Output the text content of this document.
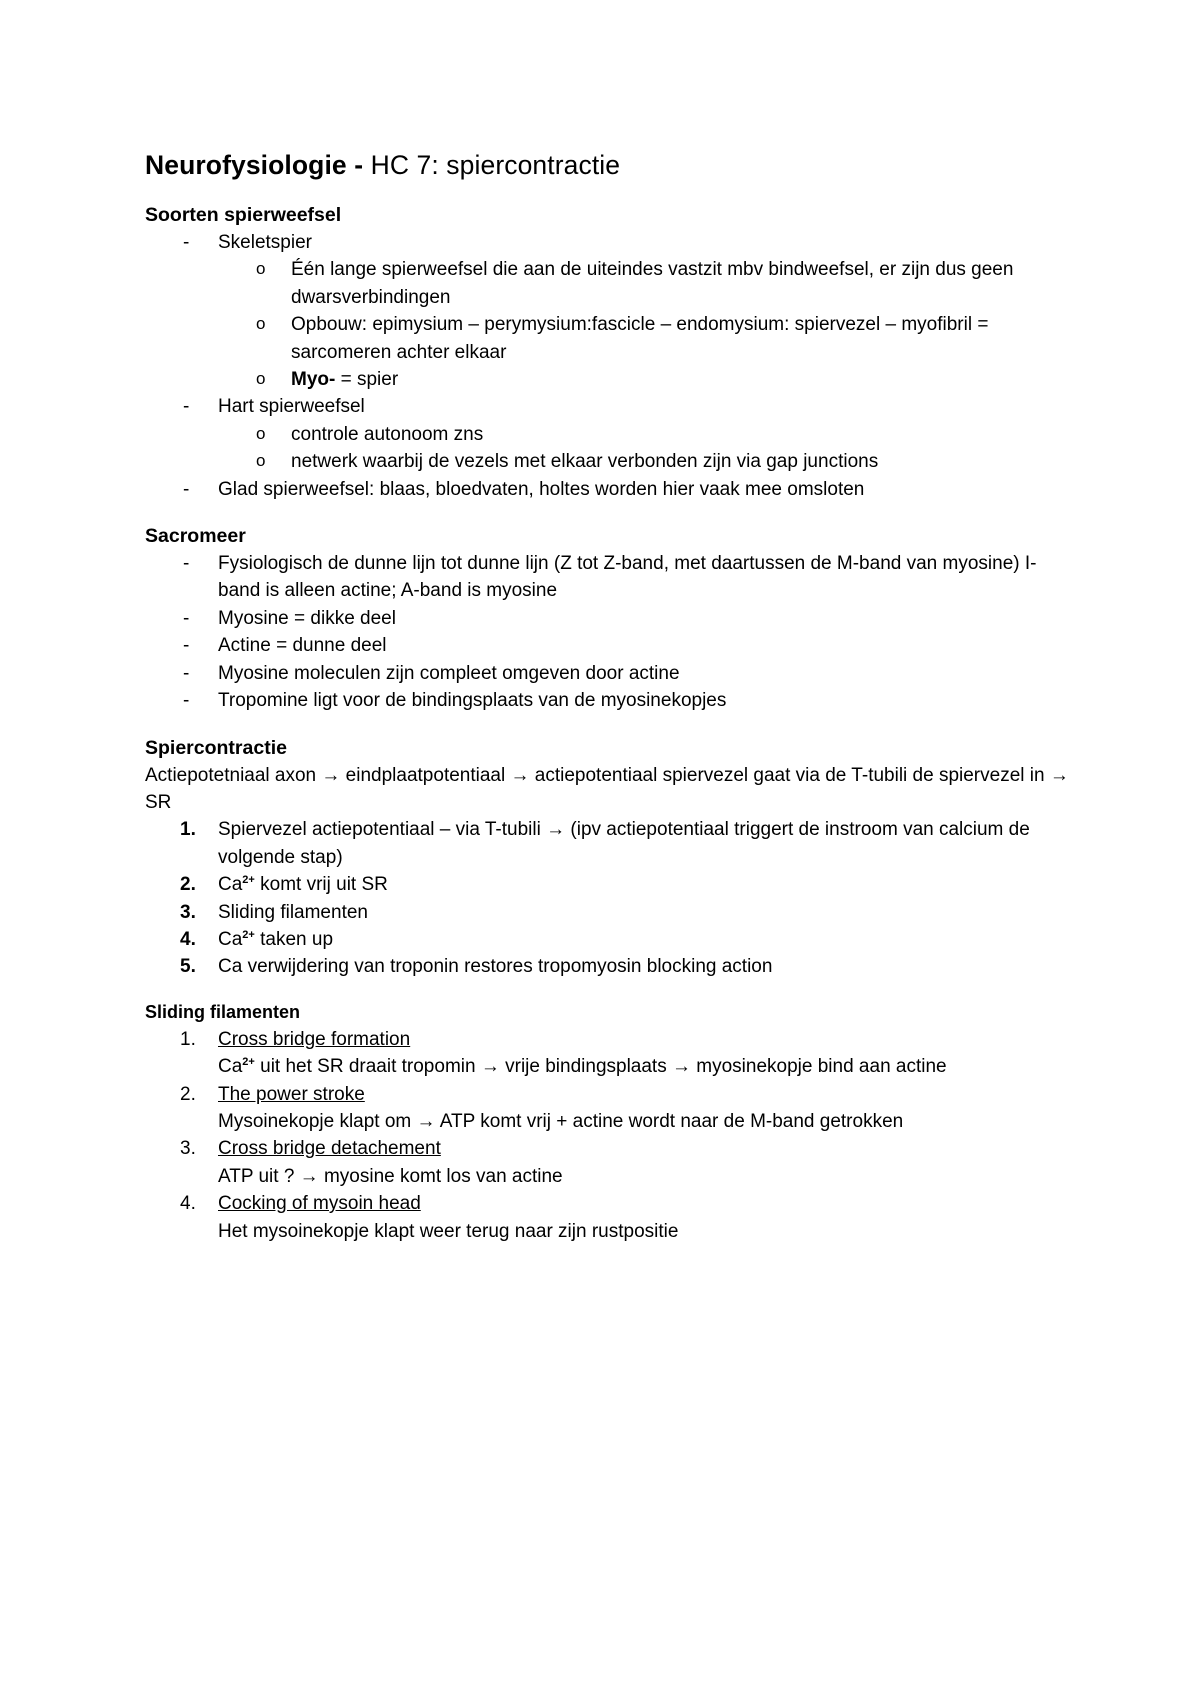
Neurofysiologie - HC 7: spiercontractie
Soorten spierweefsel
- Skeletspier
o Één lange spierweefsel die aan de uiteindes vastzit mbv bindweefsel, er zijn dus geen dwarsverbindingen
o Opbouw: epimysium – perymysium:fascicle – endomysium: spiervezel – myofibril = sarcomeren achter elkaar
o Myo- = spier
- Hart spierweefsel
o controle autonoom zns
o netwerk waarbij de vezels met elkaar verbonden zijn via gap junctions
- Glad spierweefsel: blaas, bloedvaten, holtes worden hier vaak mee omsloten
Sacromeer
- Fysiologisch de dunne lijn tot dunne lijn (Z tot Z-band, met daartussen de M-band van myosine) I-band is alleen actine; A-band is myosine
- Myosine = dikke deel
- Actine = dunne deel
- Myosine moleculen zijn compleet omgeven door actine
- Tropomine ligt voor de bindingsplaats van de myosinekopjes
Spiercontractie
Actiepotetniaal axon → eindplaatpotentiaal → actiepotentiaal spiervezel gaat via de T-tubili de spiervezel in → SR
1. Spiervezel actiepotentiaal – via T-tubili → (ipv actiepotentiaal triggert de instroom van calcium de volgende stap)
2. $Ca^{2+}$ komt vrij uit SR
3. Sliding filamenten
4. $Ca^{2+}$ taken up
5. Ca verwijdering van troponin restores tropomyosin blocking action
Sliding filamenten
1. Cross bridge formation
$Ca^{2+}$ uit het SR draait tropomin → vrije bindingsplaats → myosinekopje bind aan actine
2. The power stroke
Mysoinekopje klapt om → ATP komt vrij + actine wordt naar de M-band getrokken
3. Cross bridge detachement
ATP uit ? → myosine komt los van actine
4. Cocking of mysoin head
Het mysoinekopje klapt weer terug naar zijn rustpositie
